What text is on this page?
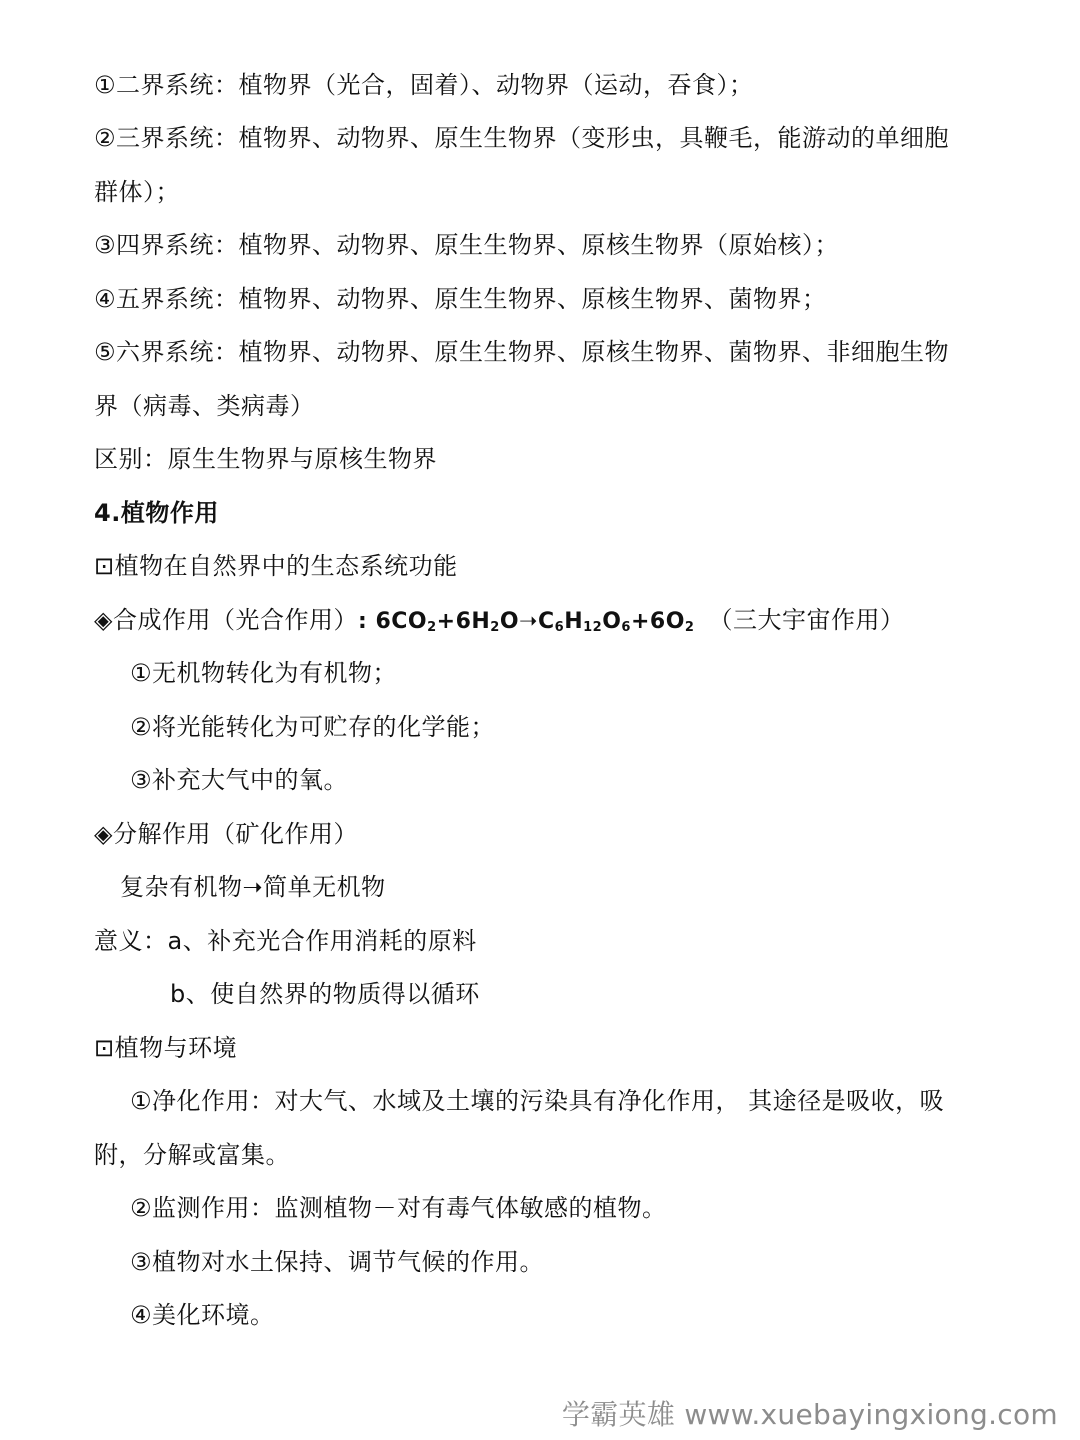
①二界系统：植物界（光合，固着）、动物界（运动，吞食）；
②三界系统：植物界、动物界、原生生物界（变形虫，具鞭毛，能游动的单细胞
群体）；
③四界系统：植物界、动物界、原生生物界、原核生物界（原始核）；
④五界系统：植物界、动物界、原生生物界、原核生物界、菌物界；
⑤六界系统：植物界、动物界、原生生物界、原核生物界、菌物界、非细胞生物
界（病毒、类病毒）
区别：原生生物界与原核生物界
4.植物作用
⊡植物在自然界中的生态系统功能
◈合成作用（光合作用）: $6CO_2+6H_2O➝C_6H_{12}O_6+6O_2$ （三大宇宙作用）
①无机物转化为有机物；
②将光能转化为可贮存的化学能；
③补充大气中的氧。
◈分解作用（矿化作用）
复杂有机物➝简单无机物
意义：a、补充光合作用消耗的原料
b、使自然界的物质得以循环
⊡植物与环境
①净化作用：对大气、水域及土壤的污染具有净化作用， 其途径是吸收，吸
附，分解或富集。
②监测作用：监测植物－对有毒气体敏感的植物。
③植物对水土保持、调节气候的作用。
④美化环境。
学霸英雄 www.xuebayingxiong.com
